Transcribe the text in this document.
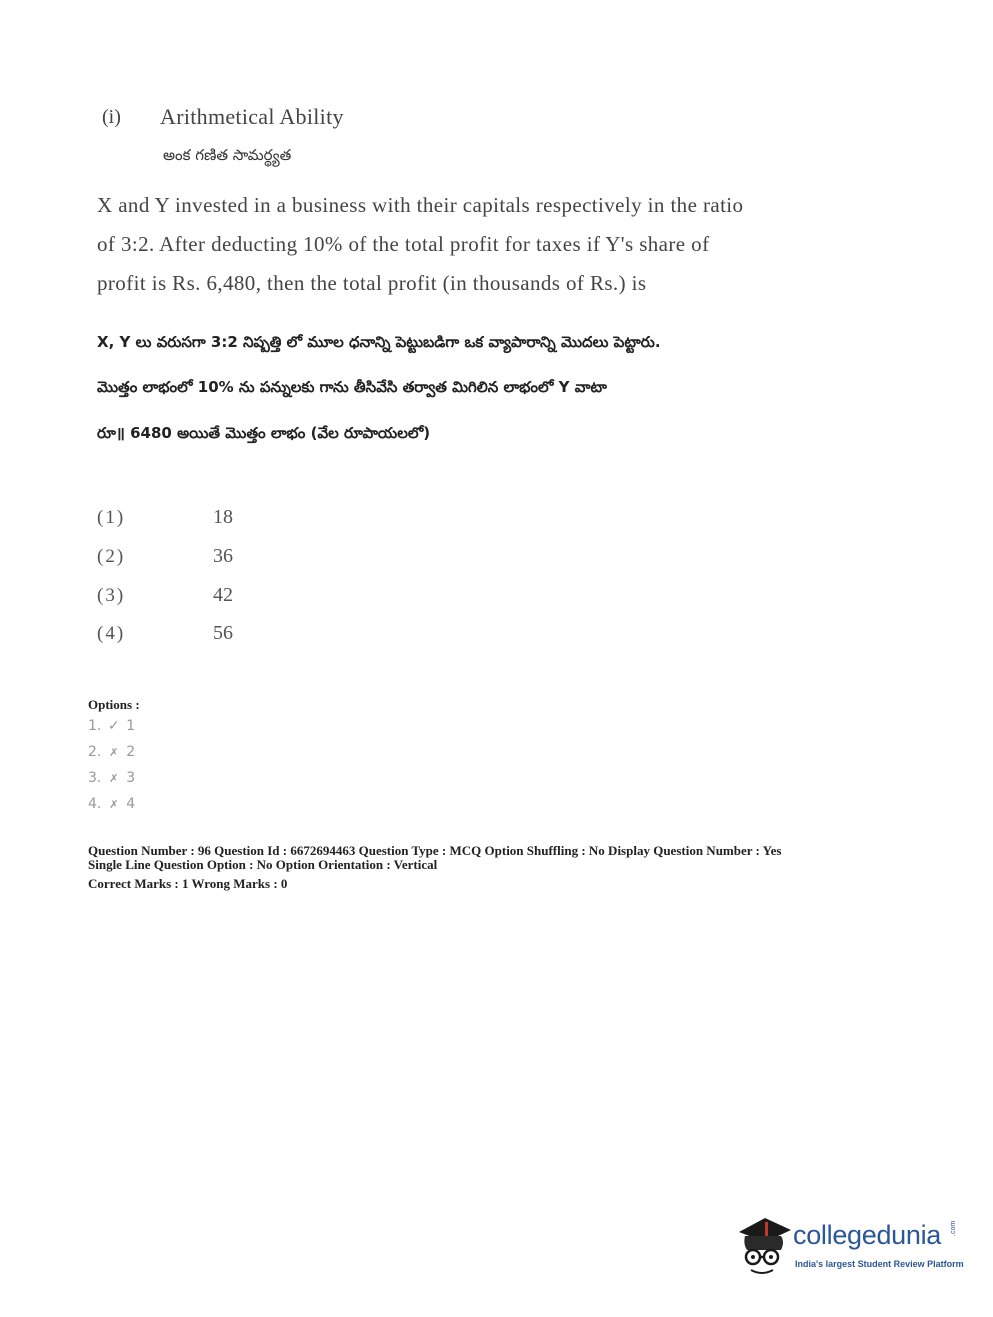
(i) Arithmetical Ability
అంక గణిత సామర్థ్యత
X and Y invested in a business with their capitals respectively in the ratio
of 3:2. After deducting 10% of the total profit for taxes if Y's share of
profit is Rs. 6,480, then the total profit (in thousands of Rs.) is
X, Y లు వరుసగా 3:2 నిష్పత్తి లో మూల ధనాన్ని పెట్టుబడిగా ఒక వ్యాపారాన్ని మొదలు పెట్టారు.
మొత్తం లాభంలో 10% ను పన్నులకు గాను తీసివేసి తర్వాత మిగిలిన లాభంలో Y వాటా
రూ॥ 6480 అయితే మొత్తం లాభం (వేల రూపాయలలో)
(1)	18
(2)	36
(3)	42
(4)	56
Options :
1. ✓ 1
2. ✗ 2
3. ✗ 3
4. ✗ 4
Question Number : 96 Question Id : 6672694463 Question Type : MCQ Option Shuffling : No Display Question Number : Yes
Single Line Question Option : No Option Orientation : Vertical
Correct Marks : 1 Wrong Marks : 0
collegedunia .com
India's largest Student Review Platform
